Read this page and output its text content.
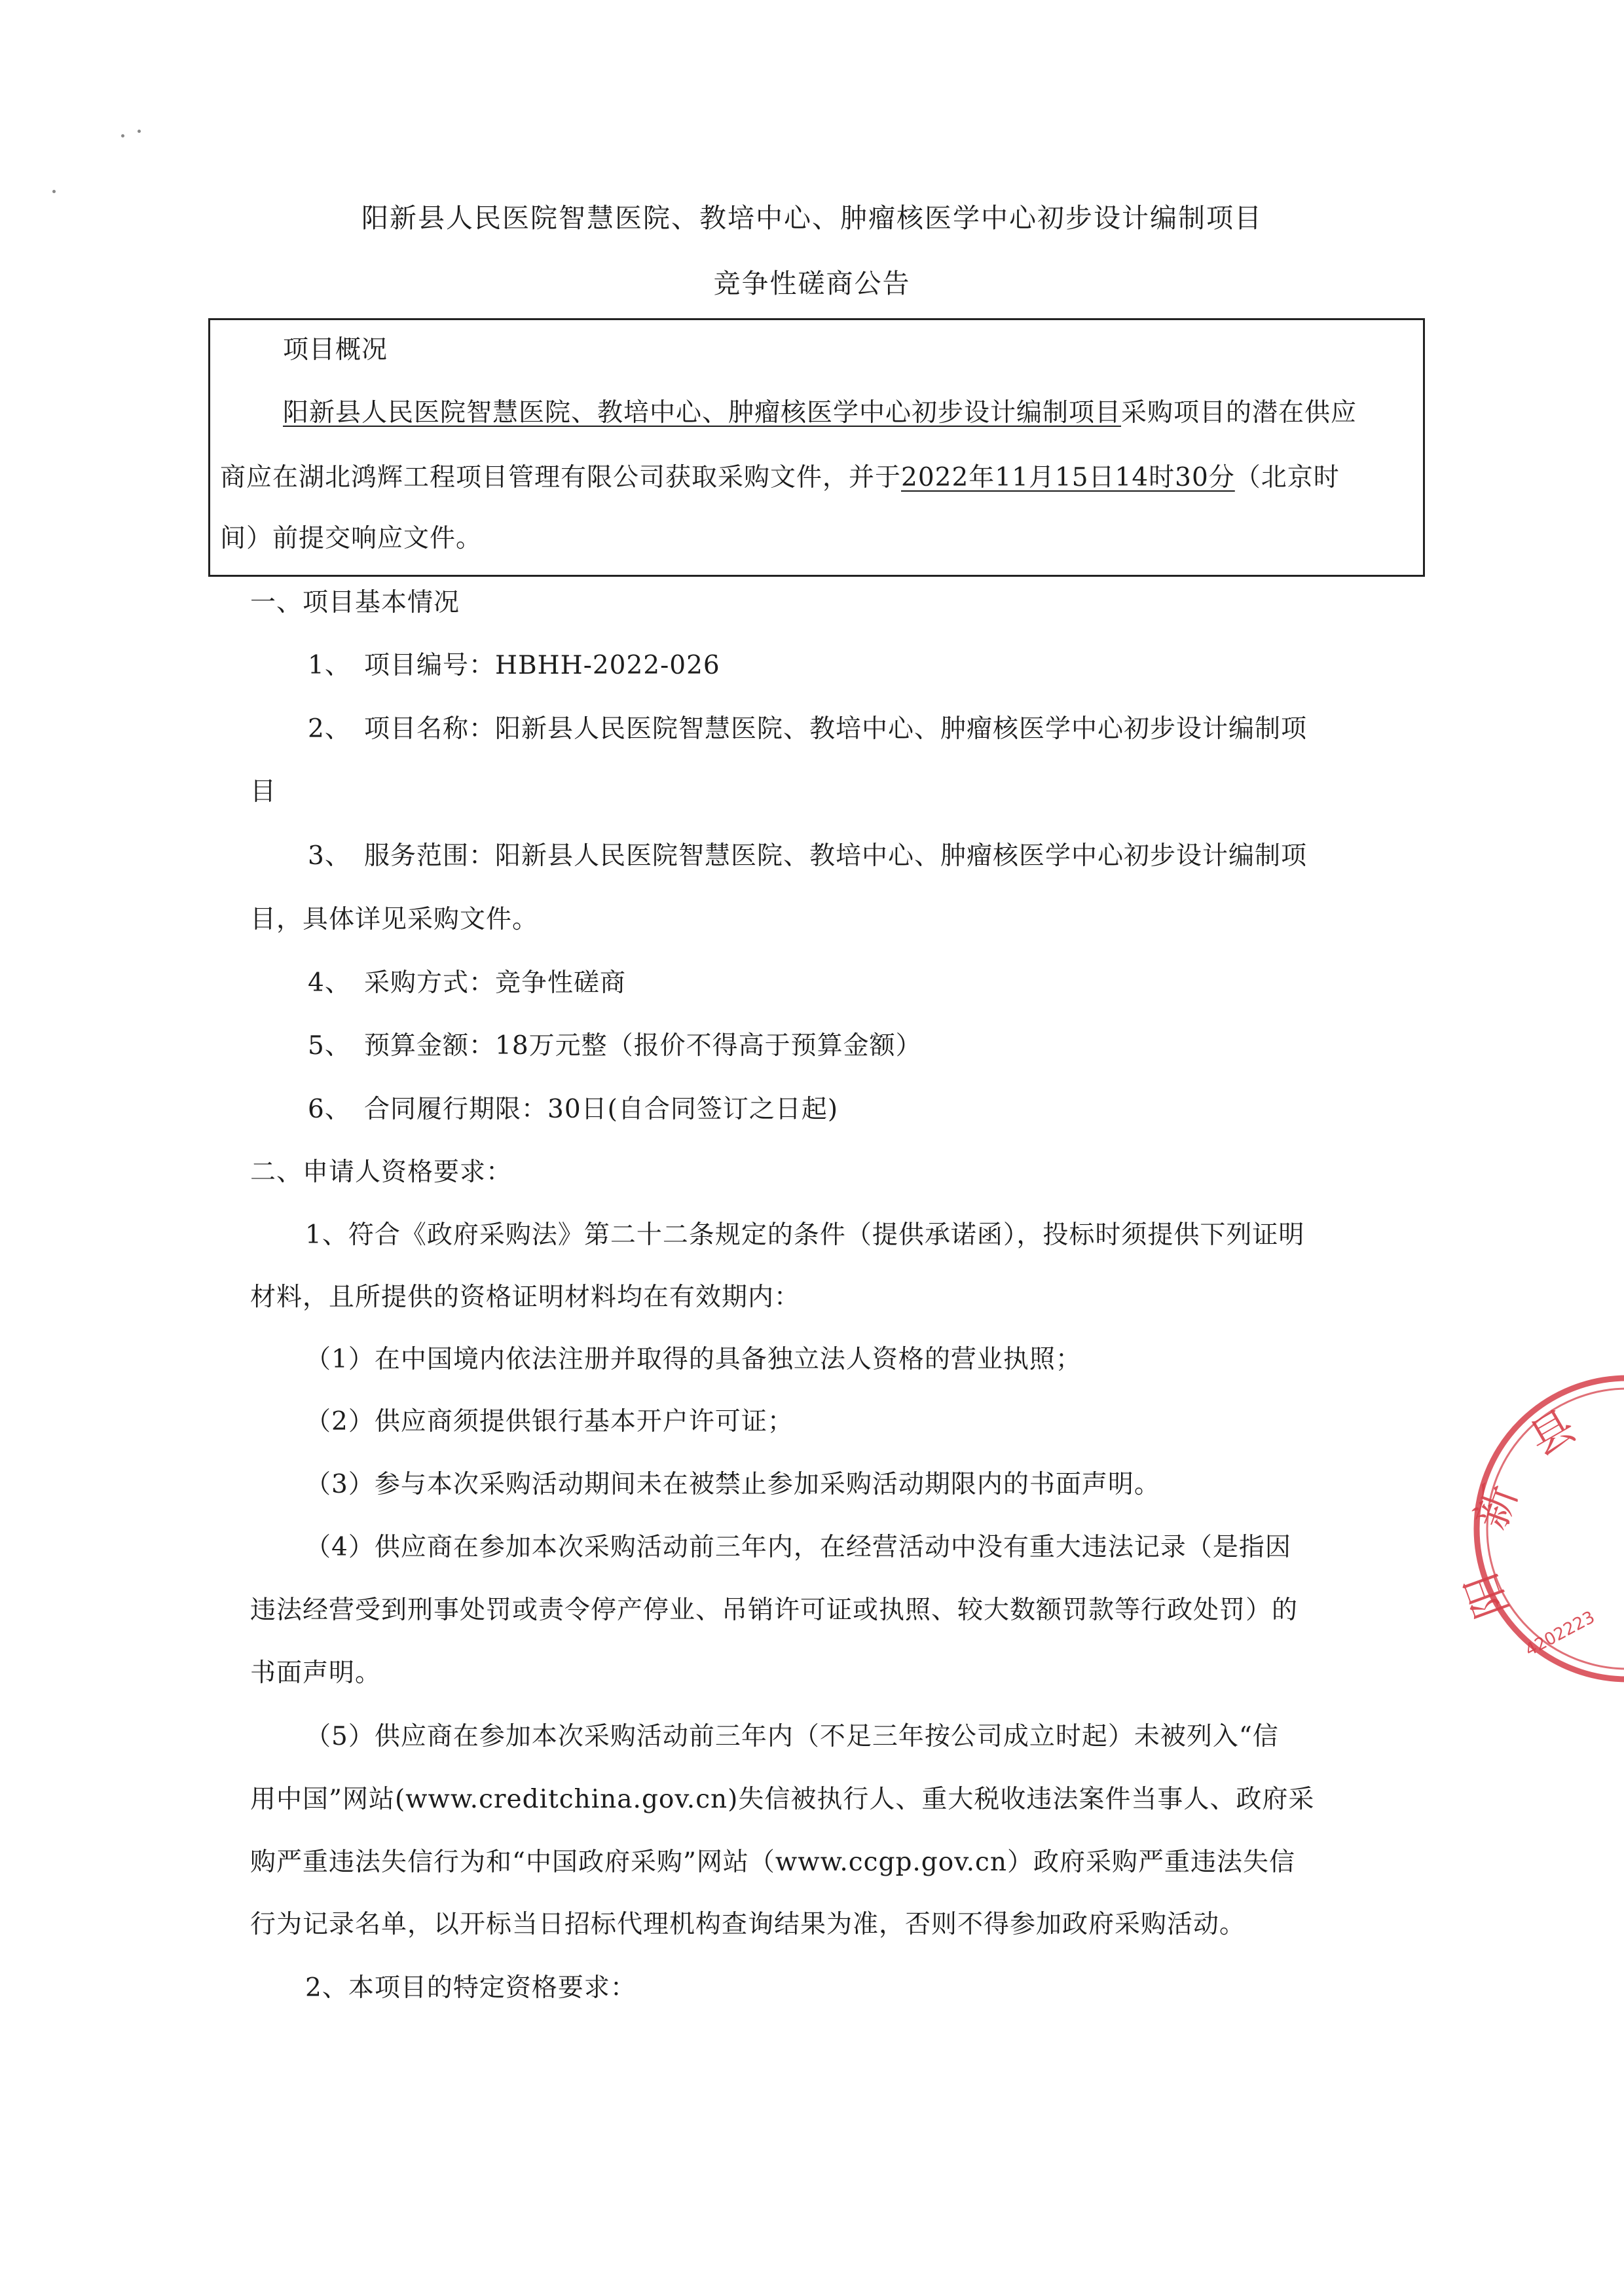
阳新县人民医院智慧医院、教培中心、肿瘤核医学中心初步设计编制项目
竞争性磋商公告
项目概况
阳新县人民医院智慧医院、教培中心、肿瘤核医学中心初步设计编制项目采购项目的潜在供应
商应在湖北鸿辉工程项目管理有限公司获取采购文件，并于2022年11月15日14时30分（北京时
间）前提交响应文件。
一、项目基本情况
1、 项目编号：HBHH-2022-026
2、 项目名称：阳新县人民医院智慧医院、教培中心、肿瘤核医学中心初步设计编制项
目
3、 服务范围：阳新县人民医院智慧医院、教培中心、肿瘤核医学中心初步设计编制项
目，具体详见采购文件。
4、 采购方式：竞争性磋商
5、 预算金额：18万元整（报价不得高于预算金额）
6、 合同履行期限：30日(自合同签订之日起)
二、申请人资格要求：
1、符合《政府采购法》第二十二条规定的条件（提供承诺函），投标时须提供下列证明
材料，且所提供的资格证明材料均在有效期内：
（1）在中国境内依法注册并取得的具备独立法人资格的营业执照；
（2）供应商须提供银行基本开户许可证；
（3）参与本次采购活动期间未在被禁止参加采购活动期限内的书面声明。
（4）供应商在参加本次采购活动前三年内，在经营活动中没有重大违法记录（是指因
违法经营受到刑事处罚或责令停产停业、吊销许可证或执照、较大数额罚款等行政处罚）的
书面声明。
（5）供应商在参加本次采购活动前三年内（不足三年按公司成立时起）未被列入“信
用中国”网站(www.creditchina.gov.cn)失信被执行人、重大税收违法案件当事人、政府采
购严重违法失信行为和“中国政府采购”网站（www.ccgp.gov.cn）政府采购严重违法失信
行为记录名单，以开标当日招标代理机构查询结果为准，否则不得参加政府采购活动。
2、本项目的特定资格要求：
县
新
阳
4202223
